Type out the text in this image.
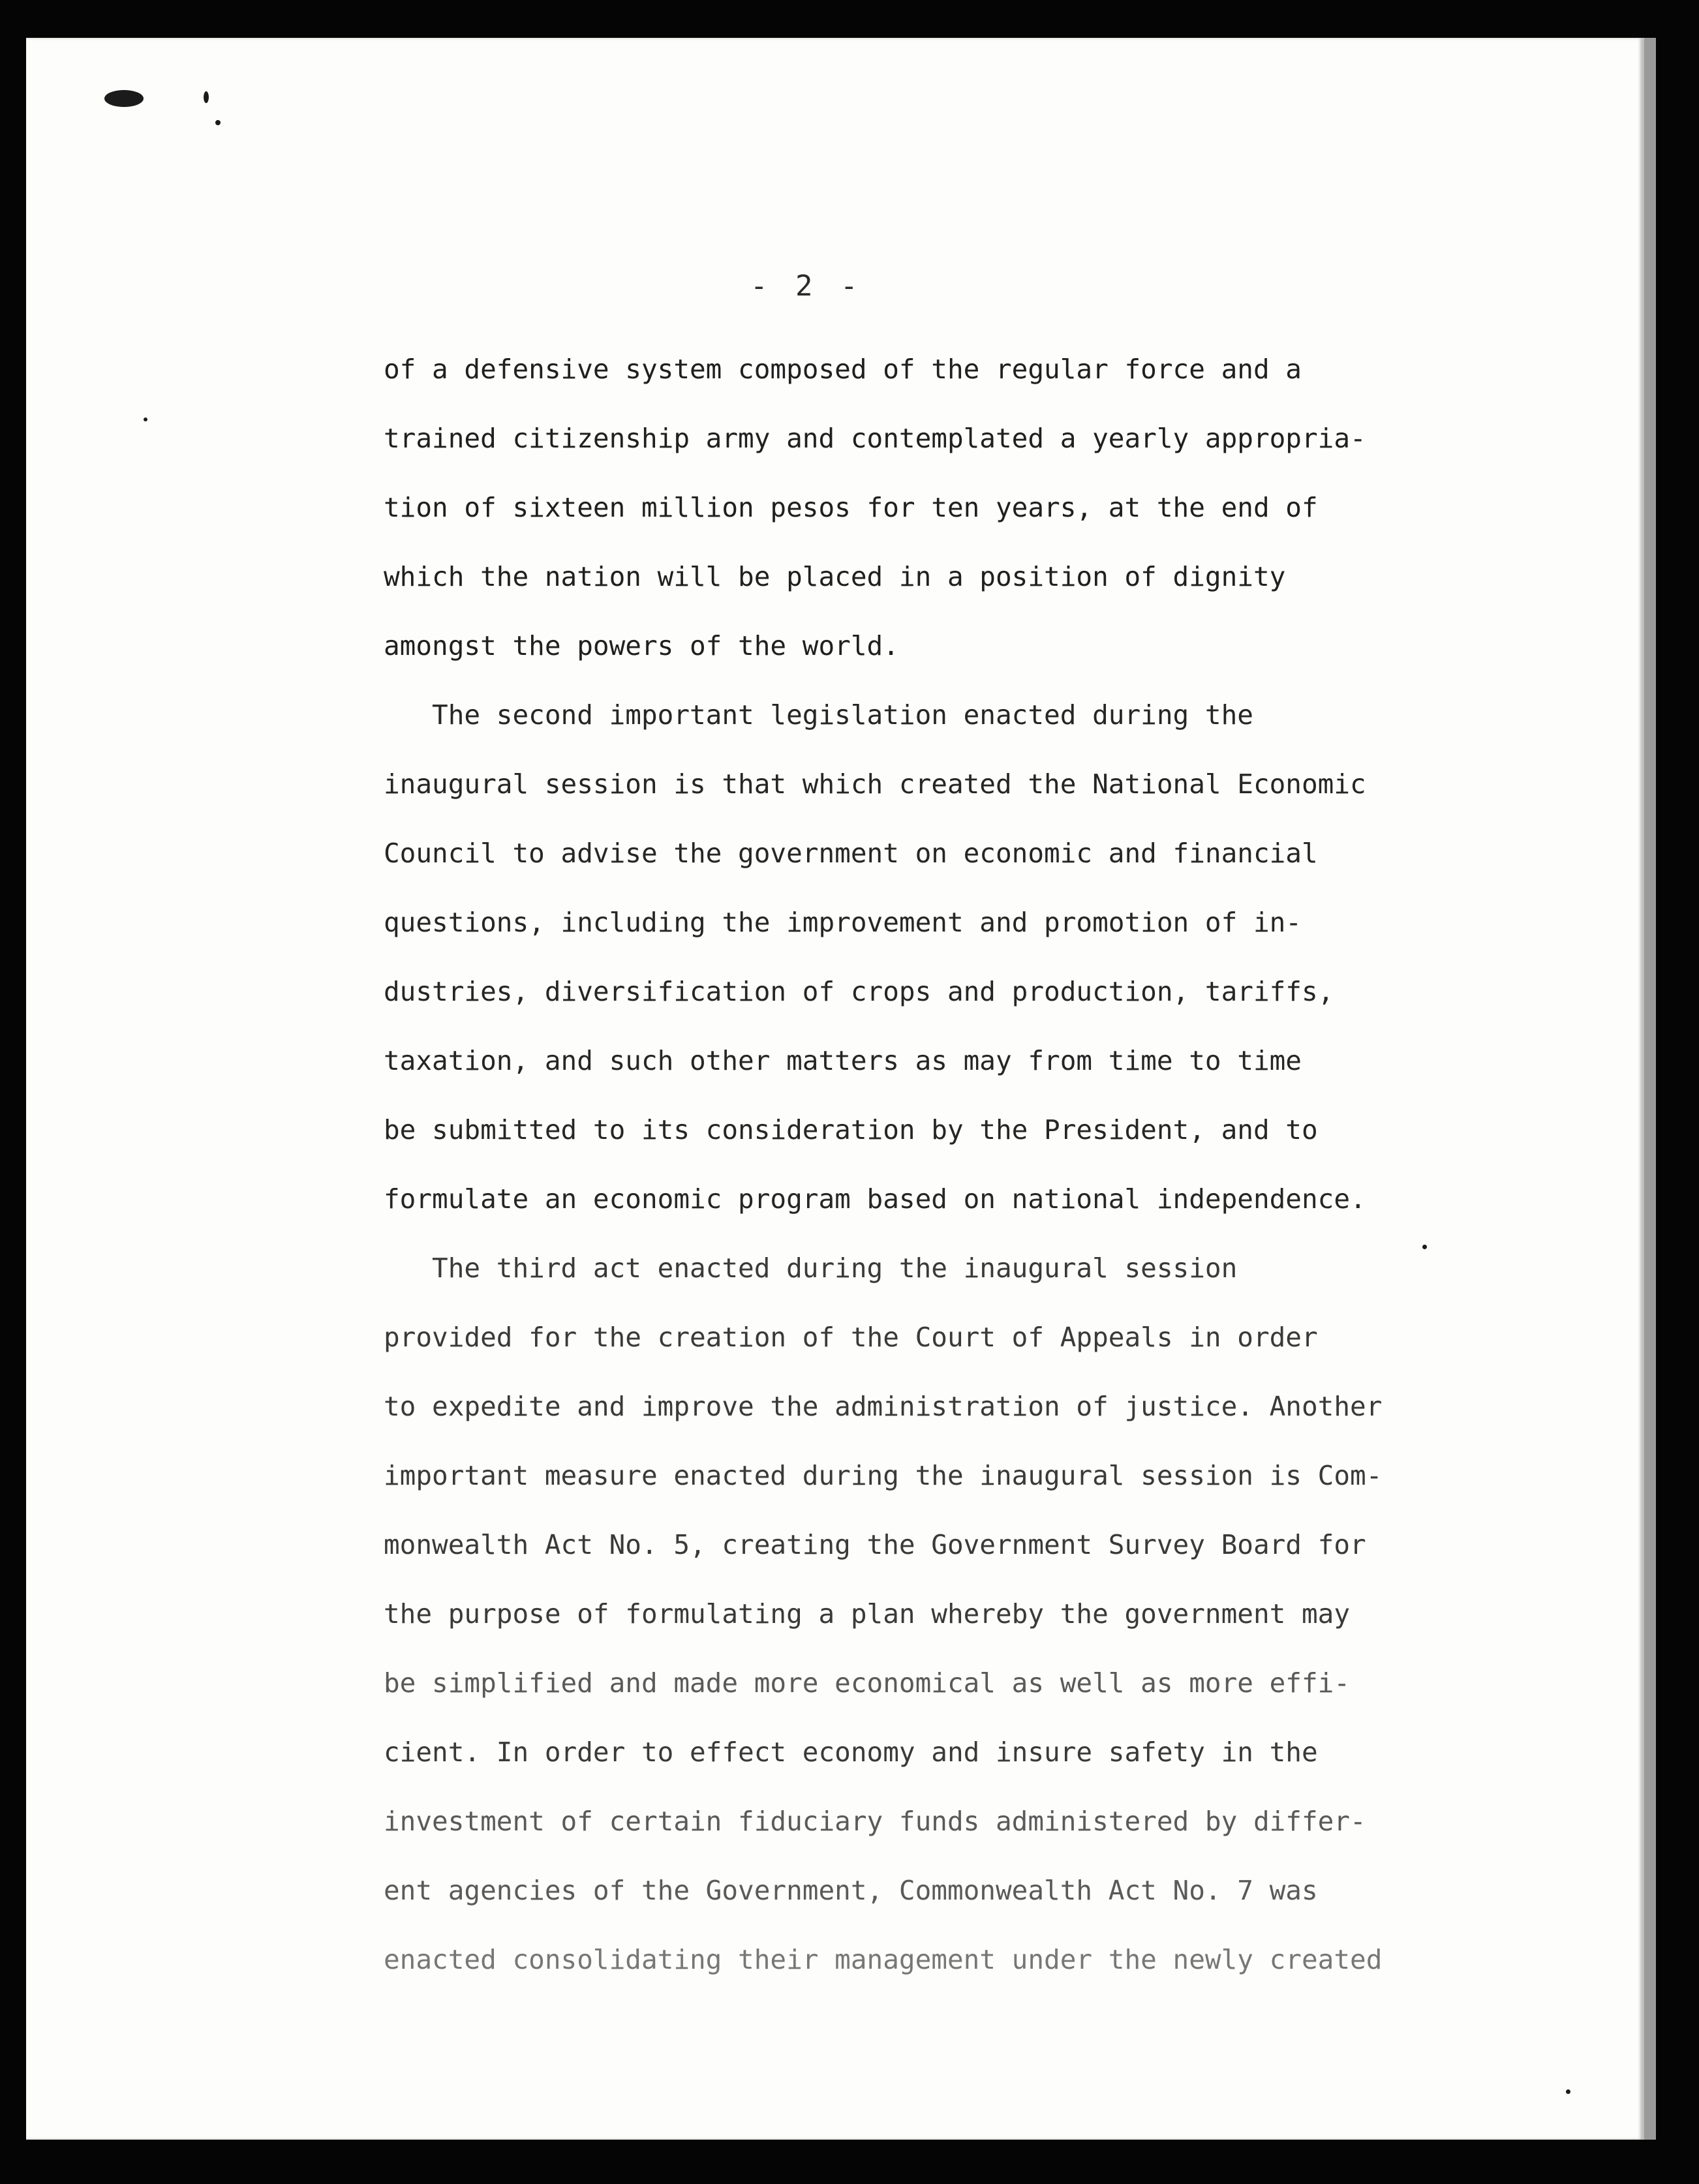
- 2 -
of a defensive system composed of the regular force and a
trained citizenship army and contemplated a yearly appropria-
tion of sixteen million pesos for ten years, at the end of
which the nation will be placed in a position of dignity
amongst the powers of the world.
The second important legislation enacted during the
inaugural session is that which created the National Economic
Council to advise the government on economic and financial
questions, including the improvement and promotion of in-
dustries, diversification of crops and production, tariffs,
taxation, and such other matters as may from time to time
be submitted to its consideration by the President, and to
formulate an economic program based on national independence.
The third act enacted during the inaugural session
provided for the creation of the Court of Appeals in order
to expedite and improve the administration of justice. Another
important measure enacted during the inaugural session is Com-
monwealth Act No. 5, creating the Government Survey Board for
the purpose of formulating a plan whereby the government may
be simplified and made more economical as well as more effi-
cient. In order to effect economy and insure safety in the
investment of certain fiduciary funds administered by differ-
ent agencies of the Government, Commonwealth Act No. 7 was
enacted consolidating their management under the newly created
